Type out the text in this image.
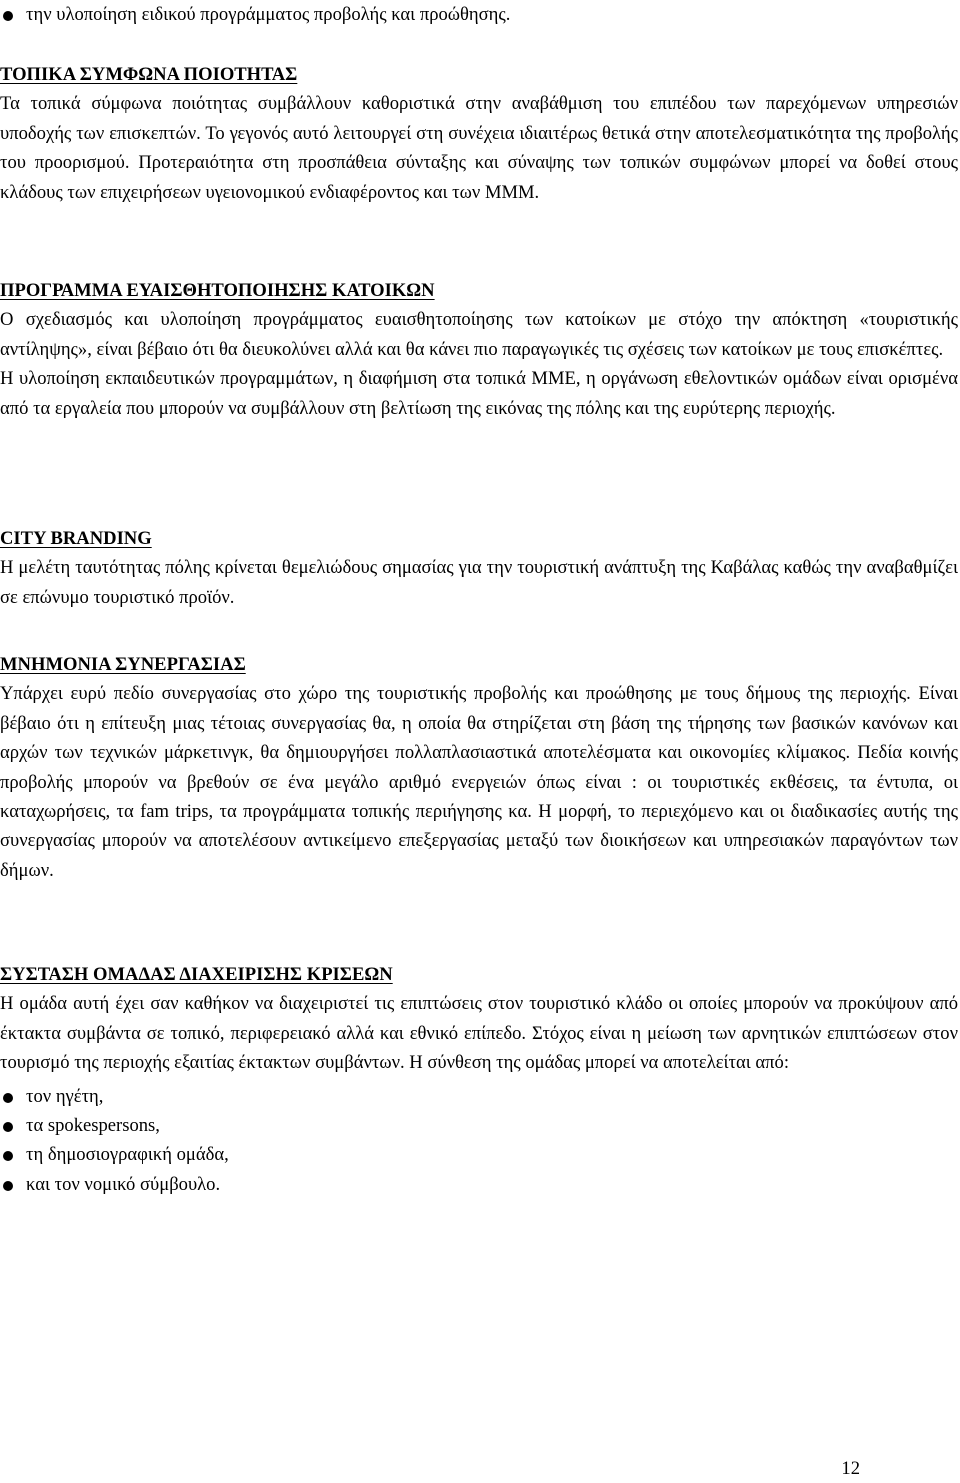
την υλοποίηση ειδικού προγράμματος προβολής και προώθησης.
ΤΟΠΙΚΑ ΣΥΜΦΩΝΑ ΠΟΙΟΤΗΤΑΣ

Τα τοπικά σύμφωνα ποιότητας συμβάλλουν καθοριστικά στην αναβάθμιση του επιπέδου των παρεχόμενων υπηρεσιών υποδοχής των επισκεπτών. Το γεγονός αυτό λειτουργεί στη συνέχεια ιδιαιτέρως θετικά στην αποτελεσματικότητα της προβολής του προορισμού. Προτεραιότητα στη προσπάθεια σύνταξης και σύναψης των τοπικών συμφώνων μπορεί να δοθεί στους κλάδους των επιχειρήσεων υγειονομικού ενδιαφέροντος και των ΜΜΜ.

ΠΡΟΓΡΑΜΜΑ ΕΥΑΙΣΘΗΤΟΠΟΙΗΣΗΣ ΚΑΤΟΙΚΩΝ

Ο σχεδιασμός και υλοποίηση προγράμματος ευαισθητοποίησης των κατοίκων με στόχο την απόκτηση «τουριστικής αντίληψης», είναι βέβαιο ότι θα διευκολύνει αλλά και θα κάνει πιο παραγωγικές τις σχέσεις των κατοίκων με τους επισκέπτες.

Η υλοποίηση εκπαιδευτικών προγραμμάτων, η διαφήμιση στα τοπικά ΜΜΕ, η οργάνωση εθελοντικών ομάδων είναι ορισμένα από τα εργαλεία που μπορούν να συμβάλλουν στη βελτίωση της εικόνας της πόλης και της ευρύτερης περιοχής.

CITY BRANDING

Η μελέτη ταυτότητας πόλης κρίνεται θεμελιώδους σημασίας για την τουριστική ανάπτυξη της Καβάλας καθώς την αναβαθμίζει σε επώνυμο τουριστικό προϊόν.

ΜΝΗΜΟΝΙΑ ΣΥΝΕΡΓΑΣΙΑΣ

Υπάρχει ευρύ πεδίο συνεργασίας στο χώρο της τουριστικής προβολής και προώθησης με τους δήμους της περιοχής. Είναι βέβαιο ότι η επίτευξη μιας τέτοιας συνεργασίας θα, η οποία θα στηρίζεται στη βάση της τήρησης των βασικών κανόνων και αρχών των τεχνικών μάρκετινγκ, θα δημιουργήσει πολλαπλασιαστικά αποτελέσματα και οικονομίες κλίμακος. Πεδία κοινής προβολής μπορούν να βρεθούν σε ένα μεγάλο αριθμό ενεργειών όπως είναι : οι τουριστικές εκθέσεις, τα έντυπα, οι καταχωρήσεις, τα fam trips, τα προγράμματα τοπικής περιήγησης κα. Η μορφή, το περιεχόμενο και οι διαδικασίες αυτής της συνεργασίας μπορούν να αποτελέσουν αντικείμενο επεξεργασίας μεταξύ των διοικήσεων και υπηρεσιακών παραγόντων των δήμων.

ΣΥΣΤΑΣΗ ΟΜΑΔΑΣ ΔΙΑΧΕΙΡΙΣΗΣ ΚΡΙΣΕΩΝ

Η ομάδα αυτή έχει σαν καθήκον να διαχειριστεί τις επιπτώσεις στον τουριστικό κλάδο οι οποίες μπορούν να προκύψουν από έκτακτα συμβάντα σε τοπικό, περιφερειακό αλλά και εθνικό επίπεδο. Στόχος είναι η μείωση των αρνητικών επιπτώσεων στον τουρισμό της περιοχής εξαιτίας έκτακτων συμβάντων. Η σύνθεση της ομάδας μπορεί να αποτελείται από:

τον ηγέτη,
τα spokespersons,
τη δημοσιογραφική ομάδα,
και τον νομικό σύμβουλο.
12
